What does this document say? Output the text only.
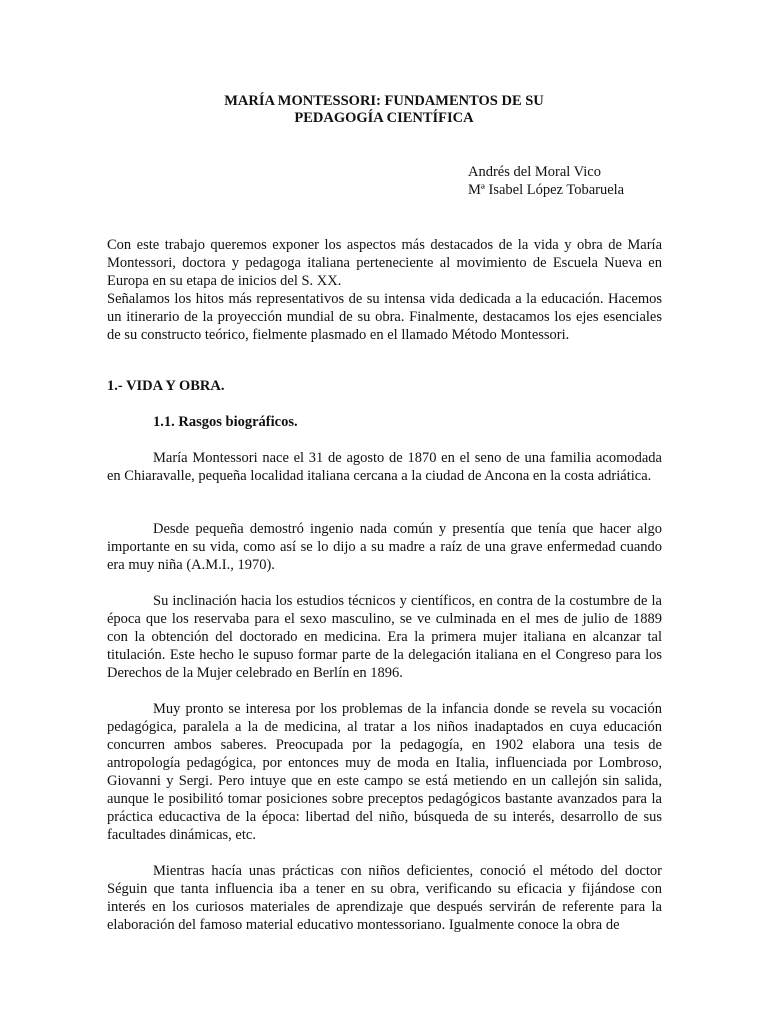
MARÍA MONTESSORI: FUNDAMENTOS DE SU
PEDAGOGÍA CIENTÍFICA
Andrés del Moral Vico
Mª Isabel López Tobaruela

Con este trabajo queremos exponer los aspectos más destacados de la vida y obra de María Montessori, doctora y pedagoga italiana perteneciente al movimiento de Escuela Nueva en Europa en su etapa de inicios del S. XX.

Señalamos los hitos más representativos de su intensa vida dedicada a la educación. Hacemos un itinerario de la proyección mundial de su obra. Finalmente, destacamos los ejes esenciales de su constructo teórico, fielmente plasmado en el llamado Método Montessori.

1.- VIDA Y OBRA.

1.1. Rasgos biográficos.

María Montessori nace el 31 de agosto de 1870 en el seno de una familia acomodada en Chiaravalle, pequeña localidad italiana cercana a la ciudad de Ancona en la costa adriática.

Desde pequeña demostró ingenio nada común y presentía que tenía que hacer algo importante en su vida, como así se lo dijo a su madre a raíz de una grave enfermedad cuando era muy niña (A.M.I., 1970).

Su inclinación hacia los estudios técnicos y científicos, en contra de la costumbre de la época que los reservaba para el sexo masculino, se ve culminada en el mes de julio de 1889 con la obtención del doctorado en medicina. Era la primera mujer italiana en alcanzar tal titulación. Este hecho le supuso formar parte de la delegación italiana en el Congreso para los Derechos de la Mujer celebrado en Berlín en 1896.

Muy pronto se interesa por los problemas de la infancia donde se revela su vocación pedagógica, paralela a la de medicina, al tratar a los niños inadaptados en cuya educación concurren ambos saberes. Preocupada por la pedagogía, en 1902 elabora una tesis de antropología pedagógica, por entonces muy de moda en Italia, influenciada por Lombroso, Giovanni y Sergi. Pero intuye que en este campo se está metiendo en un callejón sin salida, aunque le posibilitó tomar posiciones sobre preceptos pedagógicos bastante avanzados para la práctica educactiva de la época: libertad del niño, búsqueda de su interés, desarrollo de sus facultades dinámicas, etc.

Mientras hacía unas prácticas con niños deficientes, conoció el método del doctor Séguin que tanta influencia iba a tener en su obra, verificando su eficacia y fijándose con interés en los curiosos materiales de aprendizaje que después servirán de referente para la elaboración del famoso material educativo montessoriano. Igualmente conoce la obra de
